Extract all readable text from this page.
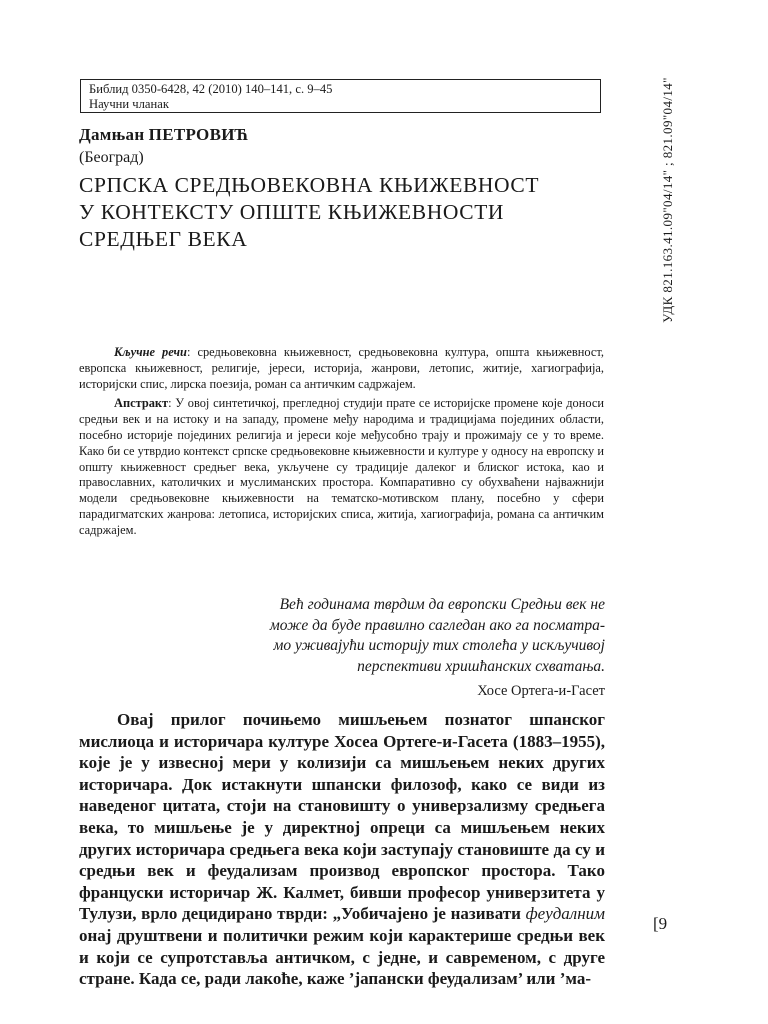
Библид 0350-6428, 42 (2010) 140–141, с. 9–45
Научни чланак
Дамњан ПЕТРОВИЋ
(Београд)
СРПСКА СРЕДЊОВЕКОВНА КЊИЖЕВНОСТ
У КОНТЕКСТУ ОПШТЕ КЊИЖЕВНОСТИ
СРЕДЊЕГ ВЕКА	УДК 821.163.41.09"04/14" ; 821.09"04/14"

Кључне речи: средњовековна књижевност, средњовековна култура, општа књижевност, европска књижевност, религије, јереси, историја, жанрови, летопис, житије, хагиографија, историјски спис, лирска поезија, роман са античким садржајем.

Апстракт: У овој синтетичкој, прегледној студији прате се историјске промене које доноси средњи век и на истоку и на западу, промене међу народима и традицијама појединих области, посебно историје појединих религија и јереси које међусобно трају и прожимају се у то време. Како би се утврдио контекст српске средњовековне књижевности и културе у односу на европску и општу књижевност средњег века, укључене су традиције далеког и блиског истока, као и православних, католичких и муслиманских простора. Компаративно су обухваћени најважнији модели средњовековне књижевности на тематско-мотивском плану, посебно у сфери парадигматских жанрова: летописа, историјских списа, житија, хагиографија, романа са античким садржајем.

Већ годинама тврдим да европски Средњи век не
може да буде правилно сагледан ако га посматра-
мо уживајући историју тих столећа у искључивој
перспективи хришћанских схватања.
Хосе Ортега-и-Гасет

Овај прилог почињемо мишљењем познатог шпанског мислиоца и историчара културе Хосеа Ортеге-и-Гасета (1883–1955), које је у извесној мери у колизији са мишљењем неких других историчара. Док истакнути шпански филозоф, како се види из наведеног цитата, стоји на становишту о универзализму средњега века, то мишљење је у директној опреци са мишљењем неких других историчара средњега века који заступају становиште да су и средњи век и феудализам производ европског простора. Тако француски историчар Ж. Калмет, бивши професор универзитета у Тулузи, врло децидирано тврди: „Уобичајено је називати феудалним онај друштвени и политички режим који карактерише средњи век и који се супротставља античком, с једне, и савременом, с друге стране. Када се, ради лакоће, каже ’јапански феудализам’ или ’ма-

[9
